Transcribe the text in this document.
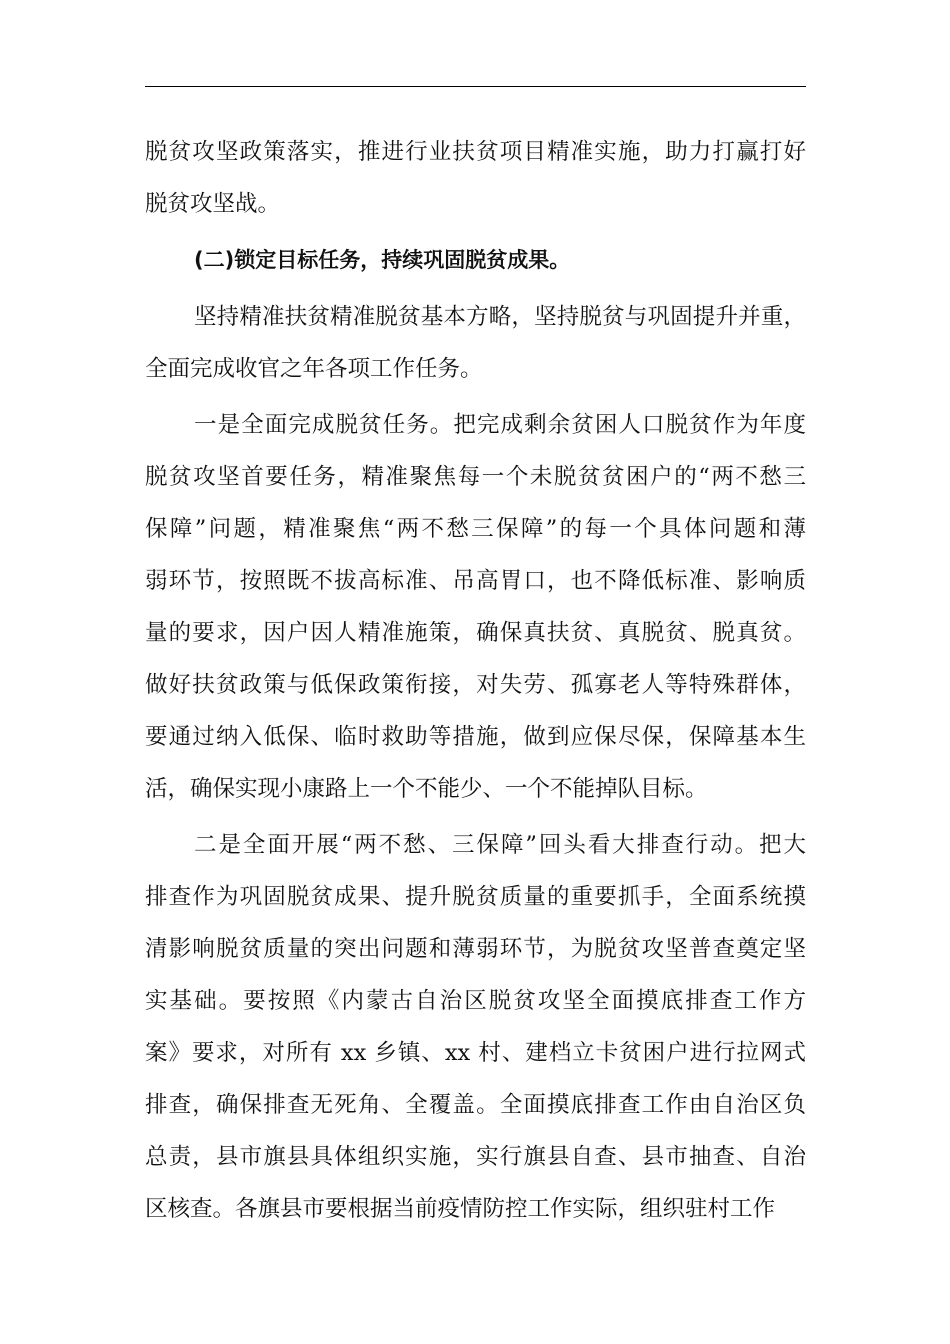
脱贫攻坚政策落实，推进行业扶贫项目精准实施，助力打赢打好
脱贫攻坚战。
(二)锁定目标任务，持续巩固脱贫成果。
坚持精准扶贫精准脱贫基本方略，坚持脱贫与巩固提升并重，
全面完成收官之年各项工作任务。
一是全面完成脱贫任务。把完成剩余贫困人口脱贫作为年度
脱贫攻坚首要任务，精准聚焦每一个未脱贫贫困户的“两不愁三
保障”问题，精准聚焦“两不愁三保障”的每一个具体问题和薄
弱环节，按照既不拔高标准、吊高胃口，也不降低标准、影响质
量的要求，因户因人精准施策，确保真扶贫、真脱贫、脱真贫。
做好扶贫政策与低保政策衔接，对失劳、孤寡老人等特殊群体，
要通过纳入低保、临时救助等措施，做到应保尽保，保障基本生
活，确保实现小康路上一个不能少、一个不能掉队目标。
二是全面开展“两不愁、三保障”回头看大排查行动。把大
排查作为巩固脱贫成果、提升脱贫质量的重要抓手，全面系统摸
清影响脱贫质量的突出问题和薄弱环节，为脱贫攻坚普查奠定坚
实基础。要按照《内蒙古自治区脱贫攻坚全面摸底排查工作方
案》要求，对所有 xx 乡镇、xx 村、建档立卡贫困户进行拉网式
排查，确保排查无死角、全覆盖。全面摸底排查工作由自治区负
总责，县市旗县具体组织实施，实行旗县自查、县市抽查、自治
区核查。各旗县市要根据当前疫情防控工作实际，组织驻村工作
